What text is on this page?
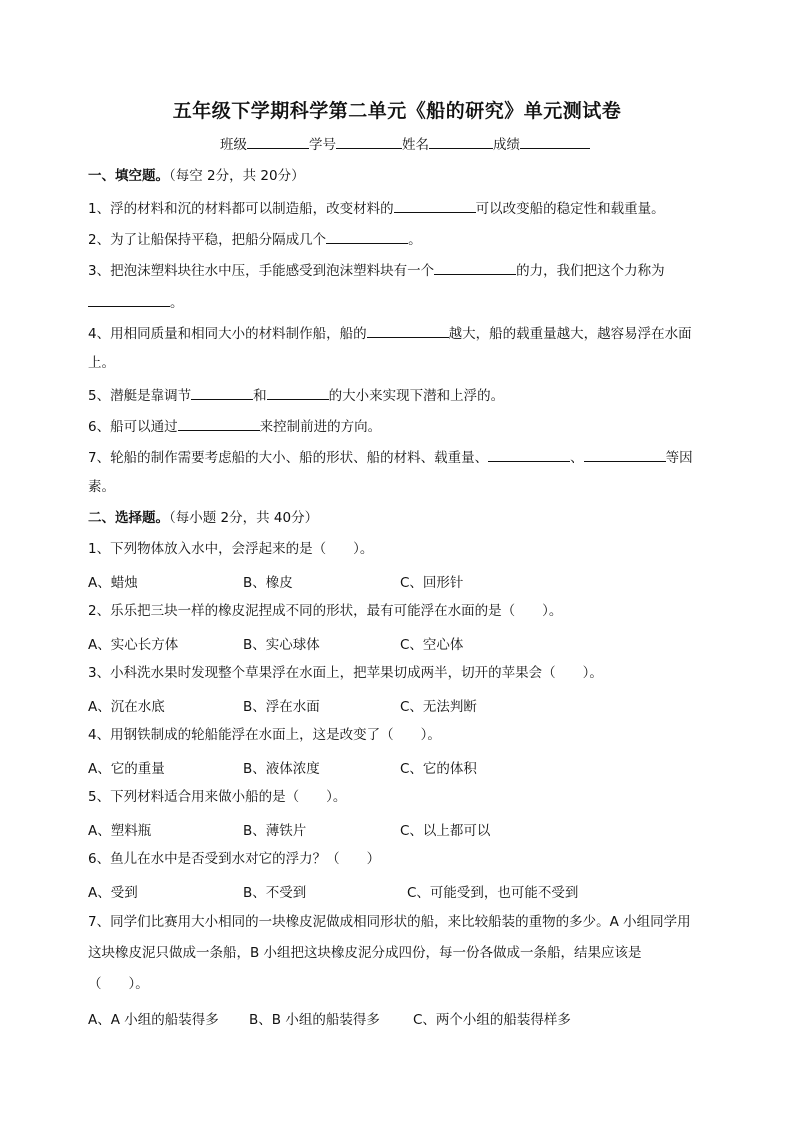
五年级下学期科学第二单元《船的研究》单元测试卷
班级	学号	姓名	成绩
一、填空题。（每空 2分，共 20分）
1、浮的材料和沉的材料都可以制造船，改变材料的	可以改变船的稳定性和载重量。
2、为了让船保持平稳，把船分隔成几个	。
3、把泡沫塑料块往水中压，手能感受到泡沫塑料块有一个	的力，我们把这个力称为
。
4、用相同质量和相同大小的材料制作船，船的	越大，船的载重量越大，越容易浮在水面
上。
5、潜艇是靠调节	和	的大小来实现下潜和上浮的。
6、船可以通过	来控制前进的方向。
7、轮船的制作需要考虑船的大小、船的形状、船的材料、载重量、	、	等因
素。
二、选择题。（每小题 2分，共 40分）
1、下列物体放入水中，会浮起来的是（　　）。
A、蜡烛	B、橡皮	C、回形针
2、乐乐把三块一样的橡皮泥捏成不同的形状，最有可能浮在水面的是（　　）。
A、实心长方体	B、实心球体	C、空心体
3、小科洗水果时发现整个草果浮在水面上，把苹果切成两半，切开的苹果会（　　）。
A、沉在水底	B、浮在水面	C、无法判断
4、用钢铁制成的轮船能浮在水面上，这是改变了（　　）。
A、它的重量	B、液体浓度	C、它的体积
5、下列材料适合用来做小船的是（　　）。
A、塑料瓶	B、薄铁片	C、以上都可以
6、鱼儿在水中是否受到水对它的浮力？（　　）
A、受到	B、不受到	C、可能受到，也可能不受到
7、同学们比赛用大小相同的一块橡皮泥做成相同形状的船，来比较船装的重物的多少。A 小组同学用
这块橡皮泥只做成一条船，B 小组把这块橡皮泥分成四份，每一份各做成一条船，结果应该是
（　　）。
A、A 小组的船装得多 B、B 小组的船装得多 C、两个小组的船装得样多
